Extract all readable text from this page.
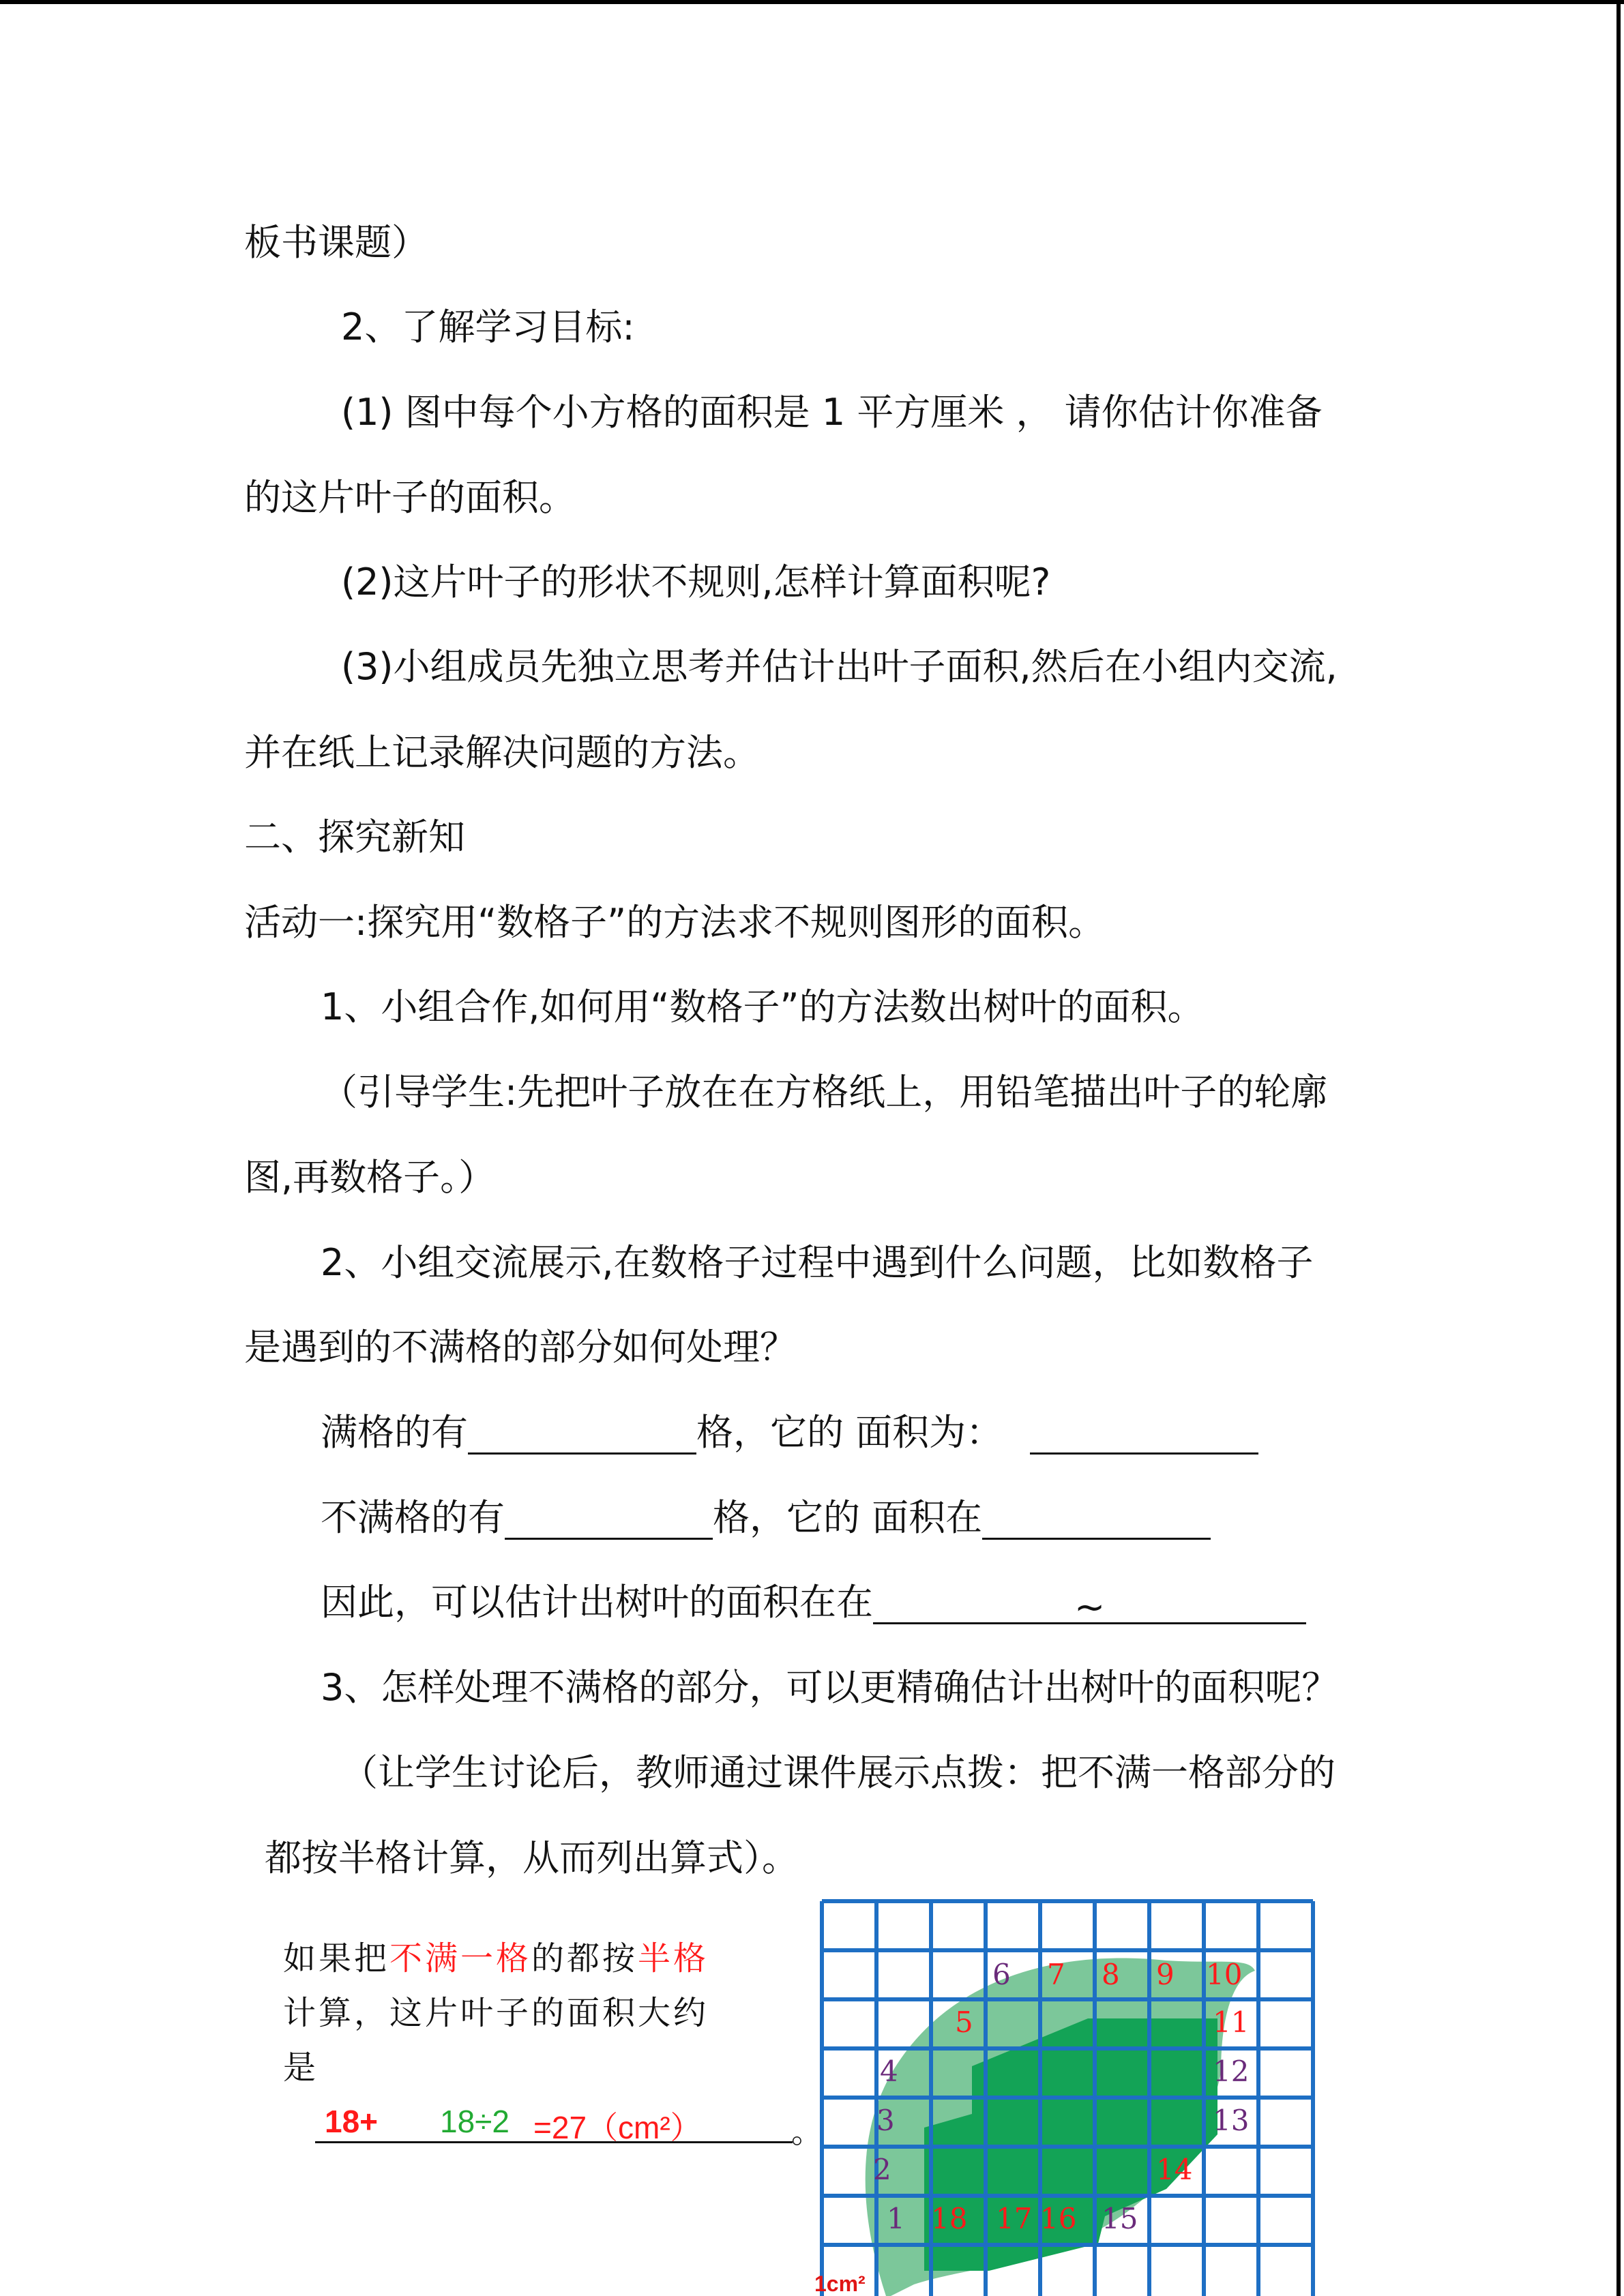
板书课题）
2、了解学习目标:
(1) 图中每个小方格的面积是 1 平方厘米 ， 请你估计你准备
的这片叶子的面积。
(2)这片叶子的形状不规则,怎样计算面积呢?
(3)小组成员先独立思考并估计出叶子面积,然后在小组内交流,
并在纸上记录解决问题的方法。
二、探究新知
活动一:探究用“数格子”的方法求不规则图形的面积。
1、小组合作,如何用“数格子”的方法数出树叶的面积。
（引导学生:先把叶子放在在方格纸上，用铅笔描出叶子的轮廓
图,再数格子。）
2、小组交流展示,在数格子过程中遇到什么问题，比如数格子
是遇到的不满格的部分如何处理？
满格的有	格，它的 面积为：
不满格的有	格，它的 面积在
因此，可以估计出树叶的面积在在	~
3、怎样处理不满格的部分，可以更精确估计出树叶的面积呢？
（让学生讨论后，教师通过课件展示点拨：把不满一格部分的
都按半格计算，从而列出算式）。
如果把不满一格的都按半格
计算，这片叶子的面积大约
是
18+ 18÷2 =27（cm²）	。
6 7 8 9 10
11
12
13
4
3
2
1
5
14
18 17 16 15
1cm²
